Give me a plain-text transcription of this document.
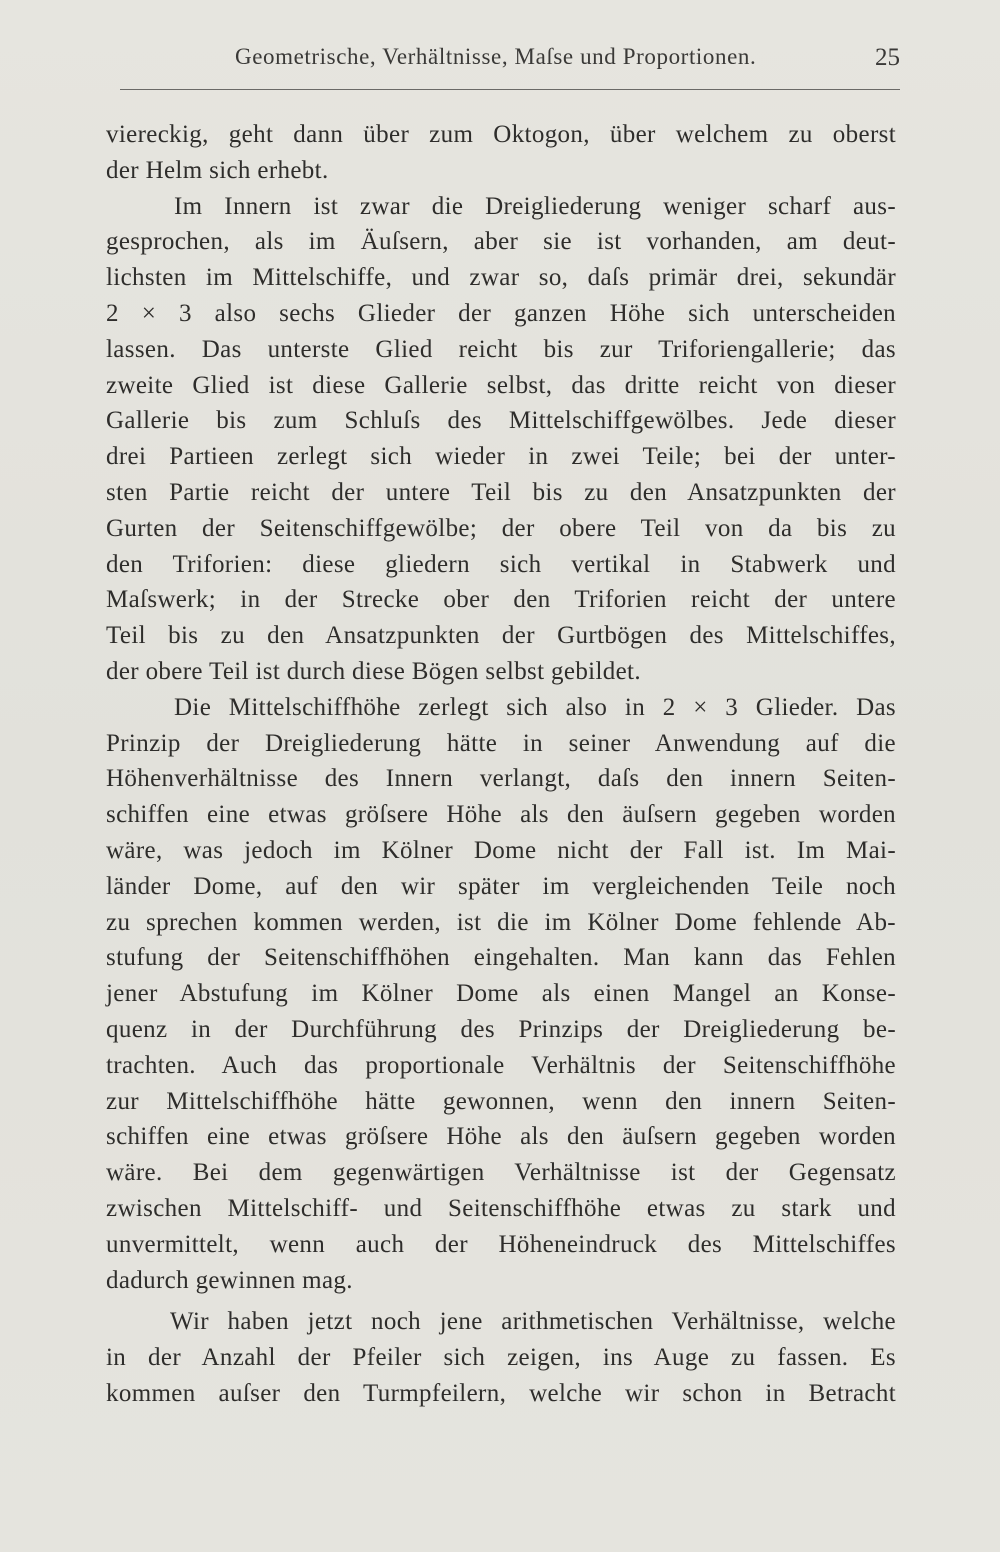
Geometrische, Verhältnisse, Maſse und Proportionen.	25
viereckig, geht dann über zum Oktogon, über welchem zu oberst
der Helm sich erhebt.
Im Innern ist zwar die Dreigliederung weniger scharf aus-
gesprochen, als im Äuſsern, aber sie ist vorhanden, am deut-
lichsten im Mittelschiffe, und zwar so, daſs primär drei, sekundär
2 × 3 also sechs Glieder der ganzen Höhe sich unterscheiden
lassen. Das unterste Glied reicht bis zur Triforiengallerie; das
zweite Glied ist diese Gallerie selbst, das dritte reicht von dieser
Gallerie bis zum Schluſs des Mittelschiffgewölbes. Jede dieser
drei Partieen zerlegt sich wieder in zwei Teile; bei der unter-
sten Partie reicht der untere Teil bis zu den Ansatzpunkten der
Gurten der Seitenschiffgewölbe; der obere Teil von da bis zu
den Triforien: diese gliedern sich vertikal in Stabwerk und
Maſswerk; in der Strecke ober den Triforien reicht der untere
Teil bis zu den Ansatzpunkten der Gurtbögen des Mittelschiffes,
der obere Teil ist durch diese Bögen selbst gebildet.
Die Mittelschiffhöhe zerlegt sich also in 2 × 3 Glieder. Das
Prinzip der Dreigliederung hätte in seiner Anwendung auf die
Höhenverhältnisse des Innern verlangt, daſs den innern Seiten-
schiffen eine etwas gröſsere Höhe als den äuſsern gegeben worden
wäre, was jedoch im Kölner Dome nicht der Fall ist. Im Mai-
länder Dome, auf den wir später im vergleichenden Teile noch
zu sprechen kommen werden, ist die im Kölner Dome fehlende Ab-
stufung der Seitenschiffhöhen eingehalten. Man kann das Fehlen
jener Abstufung im Kölner Dome als einen Mangel an Konse-
quenz in der Durchführung des Prinzips der Dreigliederung be-
trachten. Auch das proportionale Verhältnis der Seitenschiffhöhe
zur Mittelschiffhöhe hätte gewonnen, wenn den innern Seiten-
schiffen eine etwas gröſsere Höhe als den äuſsern gegeben worden
wäre. Bei dem gegenwärtigen Verhältnisse ist der Gegensatz
zwischen Mittelschiff- und Seitenschiffhöhe etwas zu stark und
unvermittelt, wenn auch der Höheneindruck des Mittelschiffes
dadurch gewinnen mag.
Wir haben jetzt noch jene arithmetischen Verhältnisse, welche
in der Anzahl der Pfeiler sich zeigen, ins Auge zu fassen. Es
kommen auſser den Turmpfeilern, welche wir schon in Betracht
